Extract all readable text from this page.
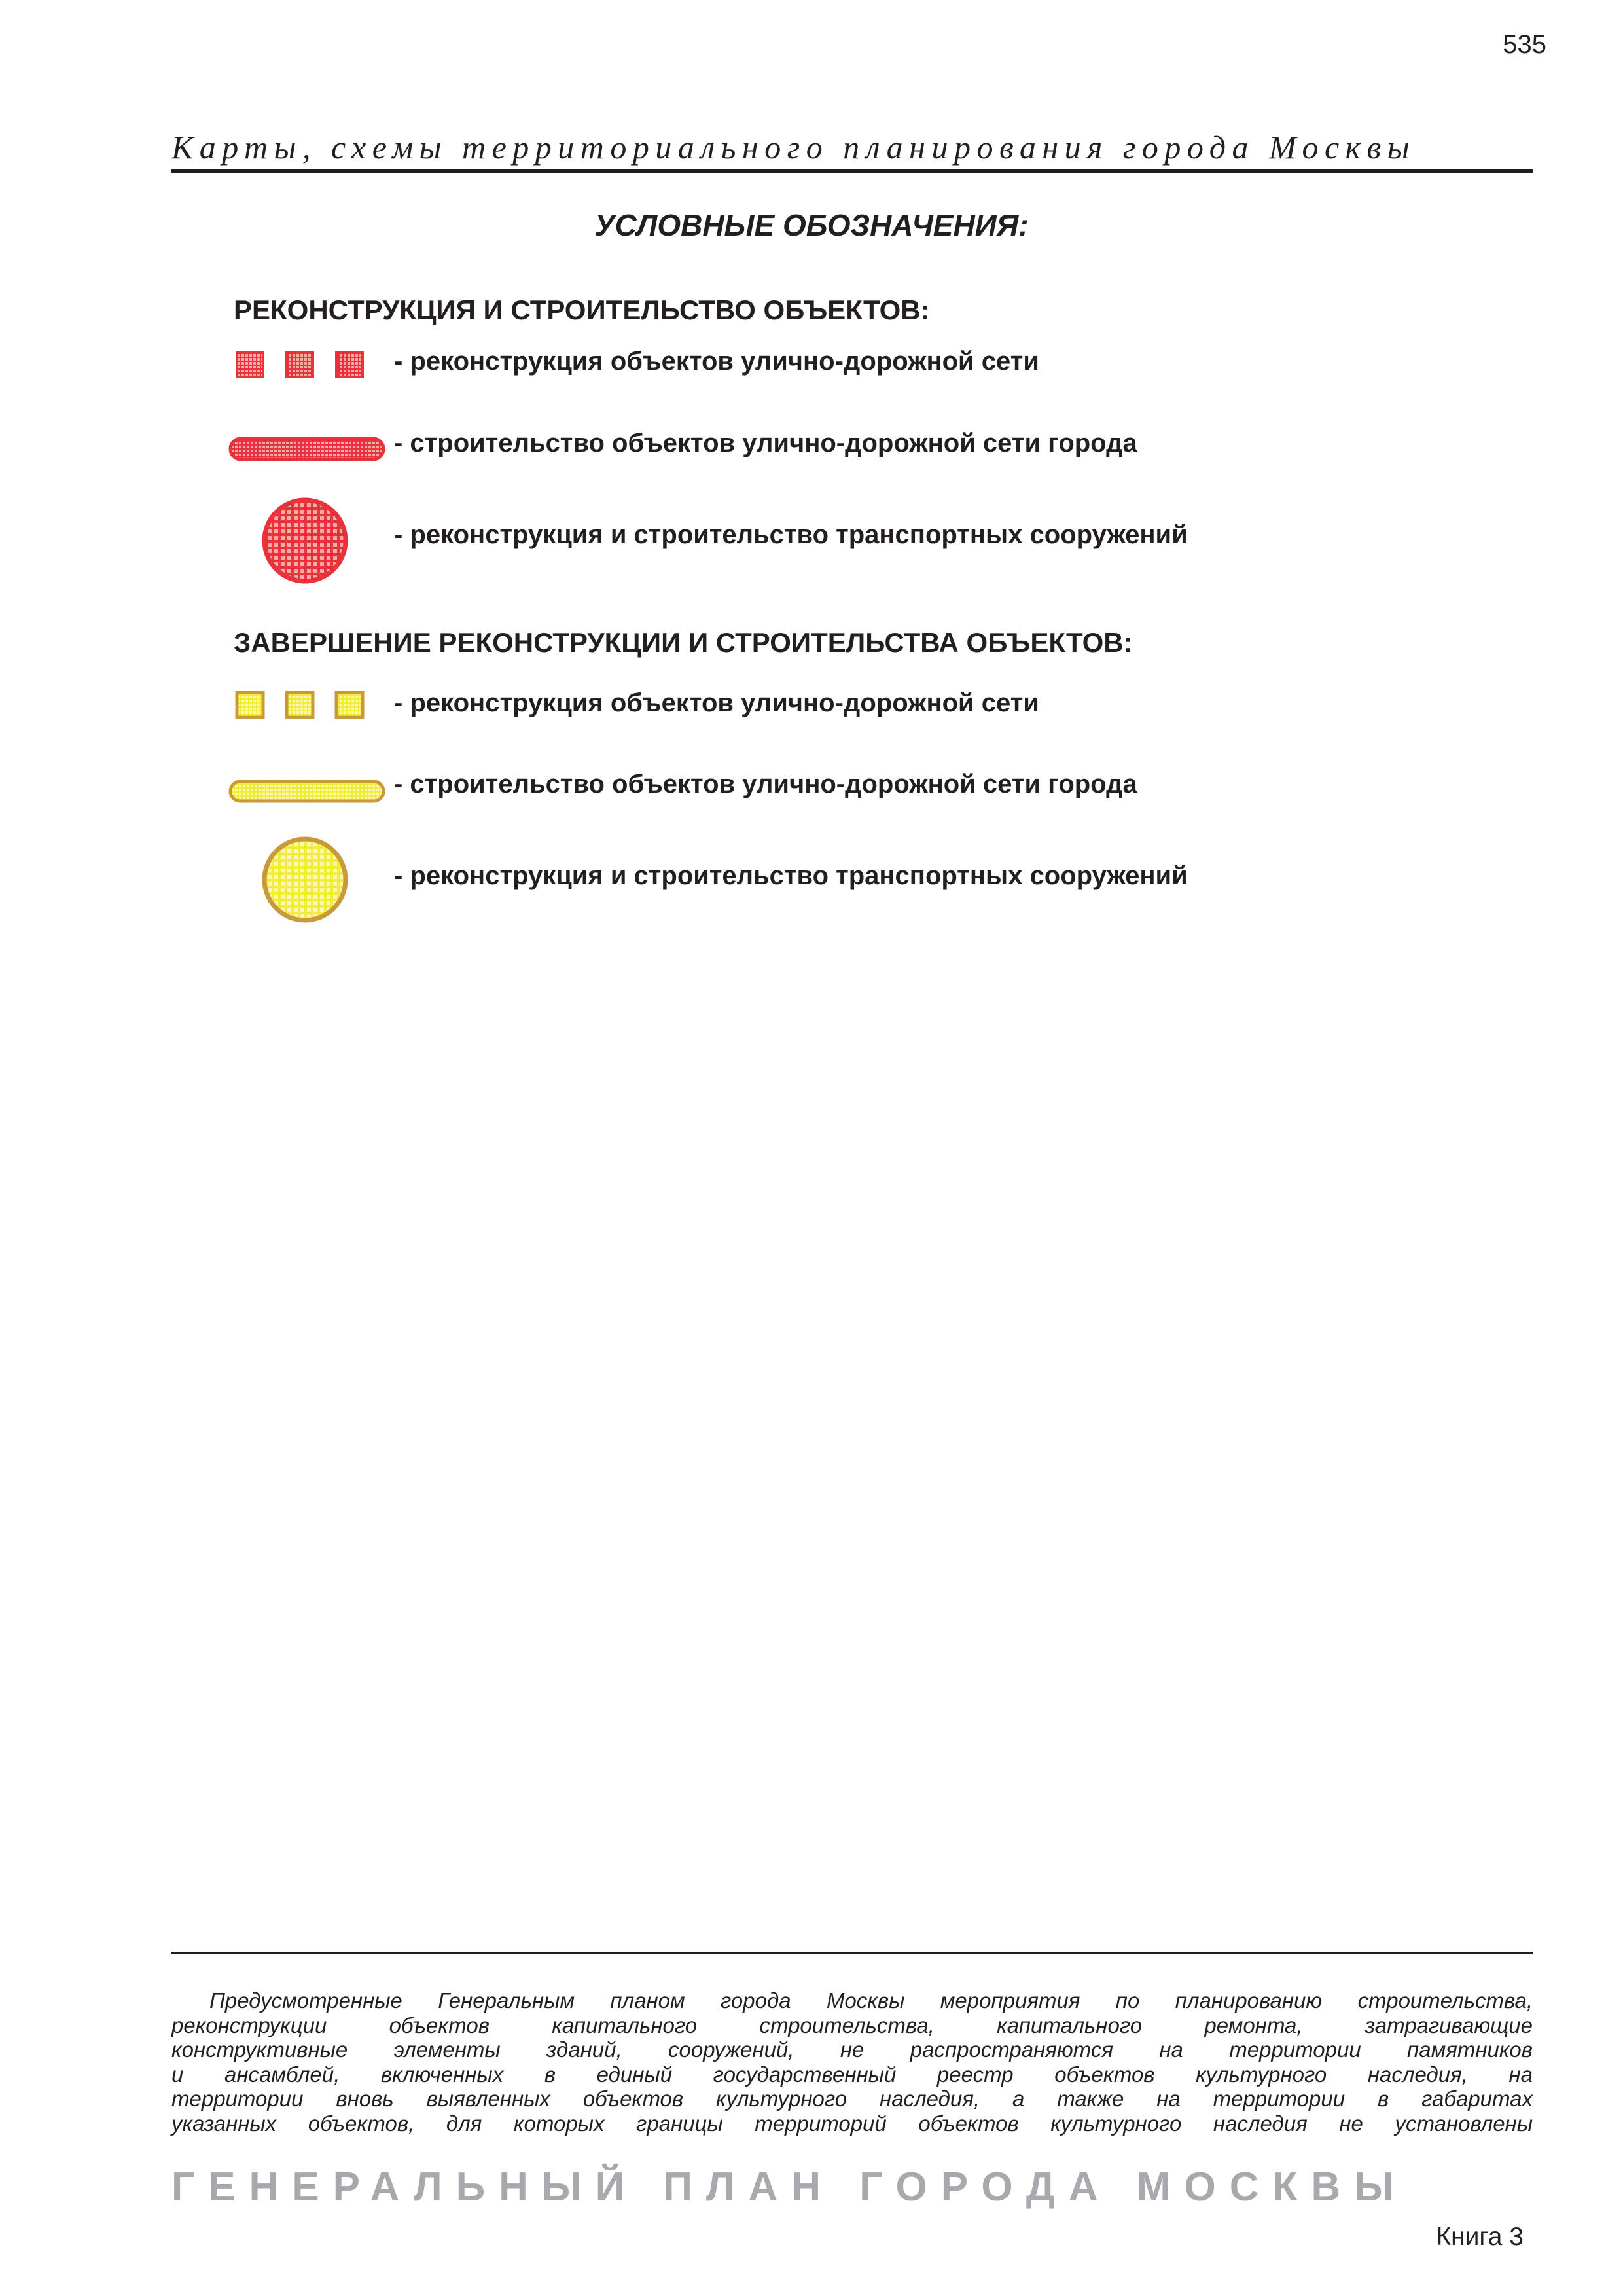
535
Карты, схемы территориального планирования города Москвы
УСЛОВНЫЕ ОБОЗНАЧЕНИЯ:
РЕКОНСТРУКЦИЯ И СТРОИТЕЛЬСТВО ОБЪЕКТОВ:
- реконструкция объектов улично-дорожной сети
- строительство объектов улично-дорожной сети города
- реконструкция и строительство транспортных сооружений
ЗАВЕРШЕНИЕ РЕКОНСТРУКЦИИ И СТРОИТЕЛЬСТВА ОБЪЕКТОВ:
- реконструкция объектов улично-дорожной сети
- строительство объектов улично-дорожной сети города
- реконструкция и строительство транспортных сооружений
Предусмотренные Генеральным планом города Москвы мероприятия по планированию строительства,
реконструкции объектов капитального строительства, капитального ремонта, затрагивающие
конструктивные элементы зданий, сооружений, не распространяются на территории памятников
и ансамблей, включенных в единый государственный реестр объектов культурного наследия, на
территории вновь выявленных объектов культурного наследия, а также на территории в габаритах
указанных объектов, для которых границы территорий объектов культурного наследия не установлены
ГЕНЕРАЛЬНЫЙ ПЛАН ГОРОДА МОСКВЫ
Книга 3
